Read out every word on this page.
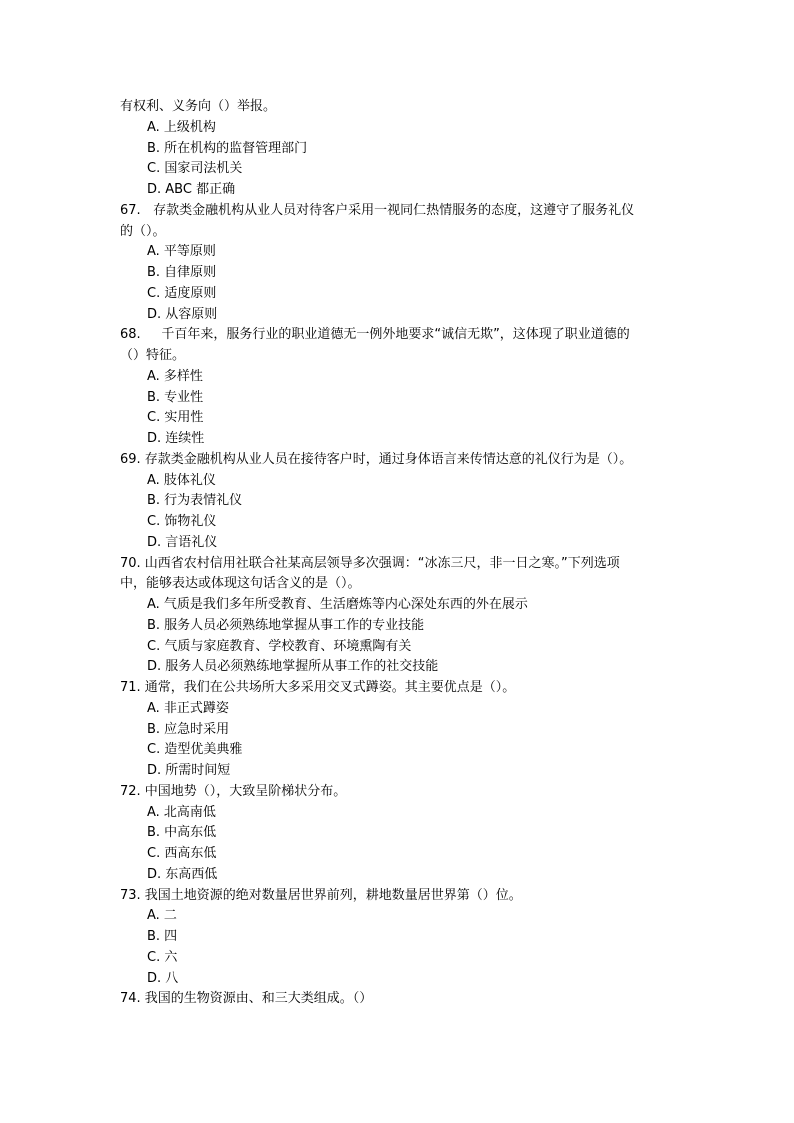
有权利、义务向（）举报。
A. 上级机构
B. 所在机构的监督管理部门
C. 国家司法机关
D. ABC 都正确
67.   存款类金融机构从业人员对待客户采用一视同仁热情服务的态度，这遵守了服务礼仪
的（）。
A. 平等原则
B. 自律原则
C. 适度原则
D. 从容原则
68.     千百年来，服务行业的职业道德无一例外地要求“诚信无欺”，这体现了职业道德的
（）特征。
A. 多样性
B. 专业性
C. 实用性
D. 连续性
69. 存款类金融机构从业人员在接待客户时，通过身体语言来传情达意的礼仪行为是（）。
A. 肢体礼仪
B. 行为表情礼仪
C. 饰物礼仪
D. 言语礼仪
70. 山西省农村信用社联合社某高层领导多次强调：“冰冻三尺，非一日之寒。”下列选项
中，能够表达或体现这句话含义的是（）。
A. 气质是我们多年所受教育、生活磨炼等内心深处东西的外在展示
B. 服务人员必须熟练地掌握从事工作的专业技能
C. 气质与家庭教育、学校教育、环境熏陶有关
D. 服务人员必须熟练地掌握所从事工作的社交技能
71. 通常，我们在公共场所大多采用交叉式蹲姿。其主要优点是（）。
A. 非正式蹲姿
B. 应急时采用
C. 造型优美典雅
D. 所需时间短
72. 中国地势（），大致呈阶梯状分布。
A. 北高南低
B. 中高东低
C. 西高东低
D. 东高西低
73. 我国土地资源的绝对数量居世界前列，耕地数量居世界第（）位。
A. 二
B. 四
C. 六
D. 八
74. 我国的生物资源由、和三大类组成。（）
